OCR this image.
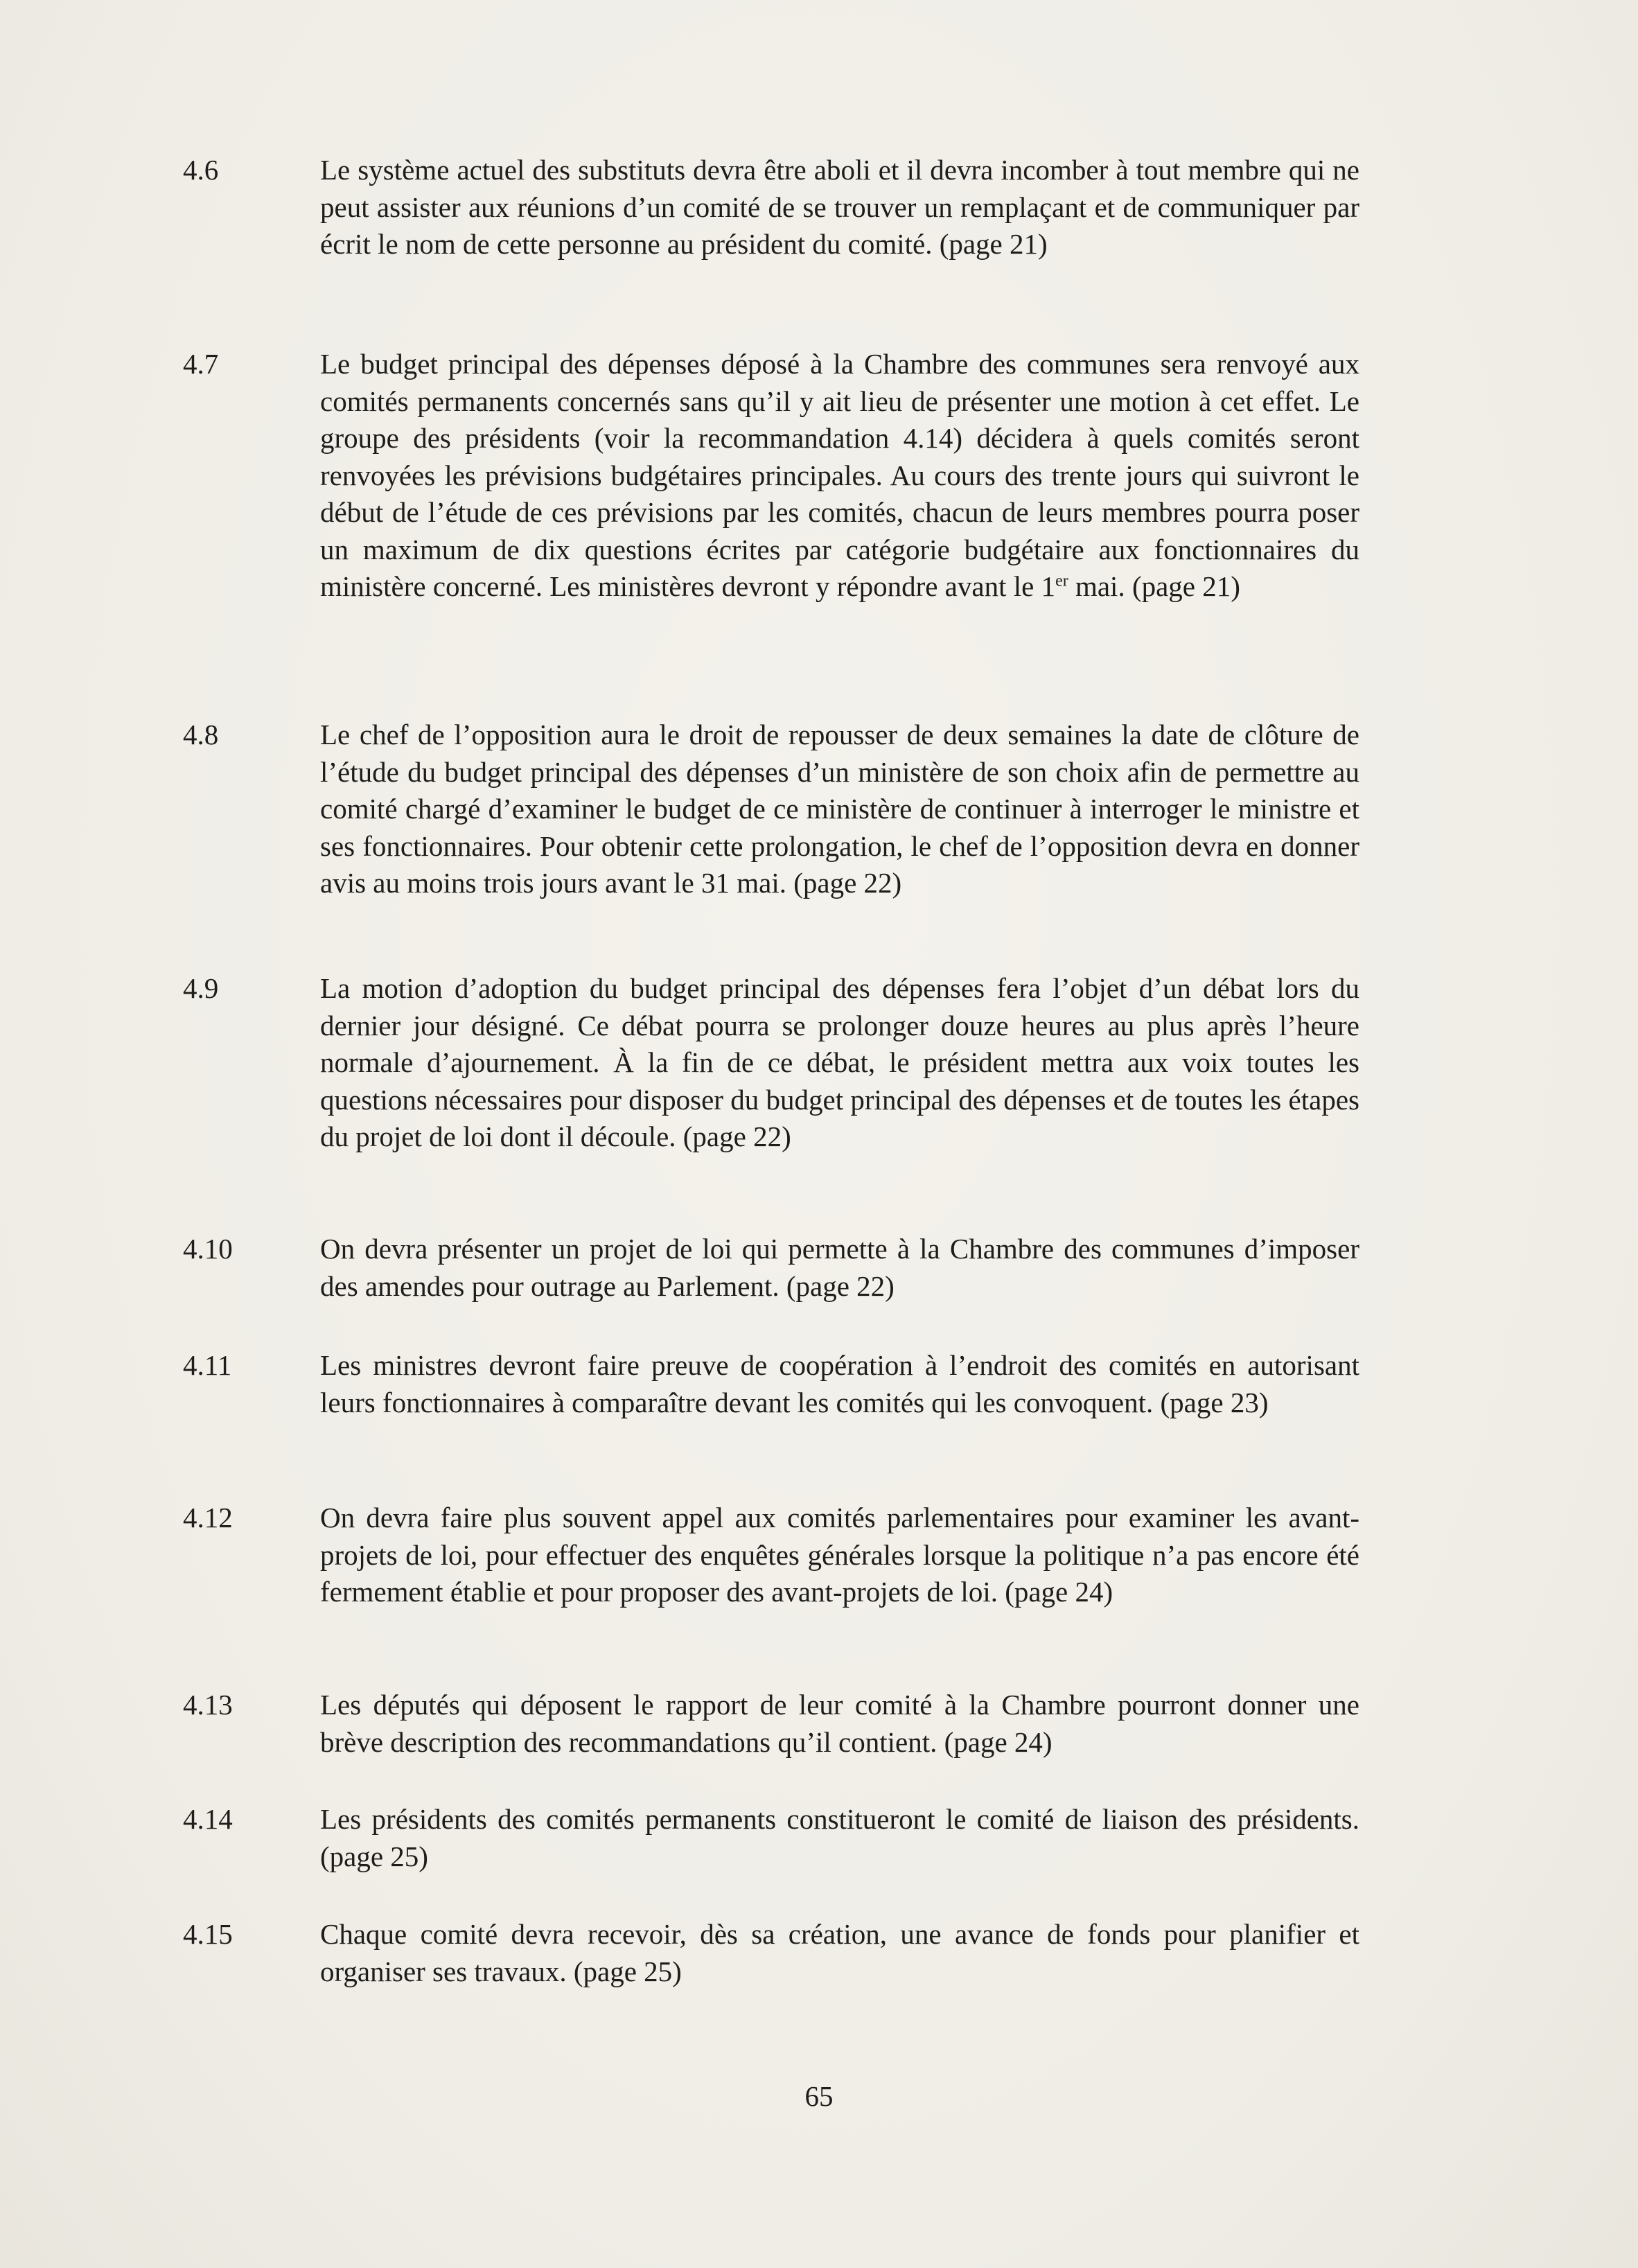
4.6	Le système actuel des substituts devra être aboli et il devra incomber à tout membre qui ne peut assister aux réunions d’un comité de se trouver un remplaçant et de communiquer par écrit le nom de cette personne au président du comité. (page 21)
4.7	Le budget principal des dépenses déposé à la Chambre des communes sera renvoyé aux comités permanents concernés sans qu’il y ait lieu de présenter une motion à cet effet. Le groupe des présidents (voir la recommandation 4.14) décidera à quels comités seront renvoyées les prévisions budgétaires principales. Au cours des trente jours qui suivront le début de l’étude de ces prévisions par les comités, chacun de leurs membres pourra poser un maximum de dix questions écrites par catégorie budgétaire aux fonctionnaires du ministère concerné. Les ministères devront y répondre avant le 1er mai. (page 21)
4.8	Le chef de l’opposition aura le droit de repousser de deux semaines la date de clôture de l’étude du budget principal des dépenses d’un ministère de son choix afin de permettre au comité chargé d’examiner le budget de ce ministère de continuer à interroger le ministre et ses fonctionnaires. Pour obtenir cette prolongation, le chef de l’opposition devra en donner avis au moins trois jours avant le 31 mai. (page 22)
4.9	La motion d’adoption du budget principal des dépenses fera l’objet d’un débat lors du dernier jour désigné. Ce débat pourra se prolonger douze heures au plus après l’heure normale d’ajournement. À la fin de ce débat, le président mettra aux voix toutes les questions nécessaires pour disposer du budget principal des dépenses et de toutes les étapes du projet de loi dont il découle. (page 22)
4.10	On devra présenter un projet de loi qui permette à la Chambre des communes d’imposer des amendes pour outrage au Parlement. (page 22)
4.11	Les ministres devront faire preuve de coopération à l’endroit des comités en autorisant leurs fonctionnaires à comparaître devant les comités qui les convoquent. (page 23)
4.12	On devra faire plus souvent appel aux comités parlementaires pour examiner les avant-projets de loi, pour effectuer des enquêtes générales lorsque la politique n’a pas encore été fermement établie et pour proposer des avant-projets de loi. (page 24)
4.13	Les députés qui déposent le rapport de leur comité à la Chambre pourront donner une brève description des recommandations qu’il contient. (page 24)
4.14	Les présidents des comités permanents constitueront le comité de liaison des présidents. (page 25)
4.15	Chaque comité devra recevoir, dès sa création, une avance de fonds pour planifier et organiser ses travaux. (page 25)
65
